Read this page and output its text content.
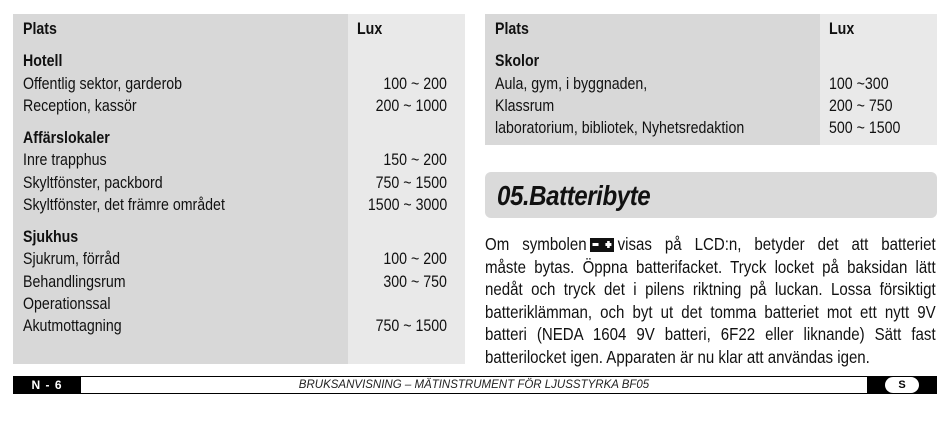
Plats	Lux
Hotell
Offentlig sektor, garderob	100 ~ 200
Reception, kassör	200 ~ 1000
Affärslokaler
Inre trapphus	150 ~ 200
Skyltfönster, packbord	750 ~ 1500
Skyltfönster, det främre området	1500 ~ 3000
Sjukhus
Sjukrum, förråd	100 ~ 200
Behandlingsrum	300 ~ 750
Operationssal
Akutmottagning	750 ~ 1500
Plats	Lux
Skolor
Aula, gym, i byggnaden,	100 ~300
Klassrum	200 ~ 750
laboratorium, bibliotek, Nyhetsredaktion	500 ~ 1500
05.Batteribyte
Om symbolen visas på LCD:n, betyder det att batteriet
måste bytas. Öppna batterifacket. Tryck locket på baksidan lätt
nedåt och tryck det i pilens riktning på luckan. Lossa försiktigt
batteriklämman, och byt ut det tomma batteriet mot ett nytt 9V
batteri (NEDA 1604 9V batteri, 6F22 eller liknande) Sätt fast
batterilocket igen. Apparaten är nu klar att användas igen.
N - 6	BRUKSANVISNING – MÄTINSTRUMENT FÖR LJUSSTYRKA BF05	S
